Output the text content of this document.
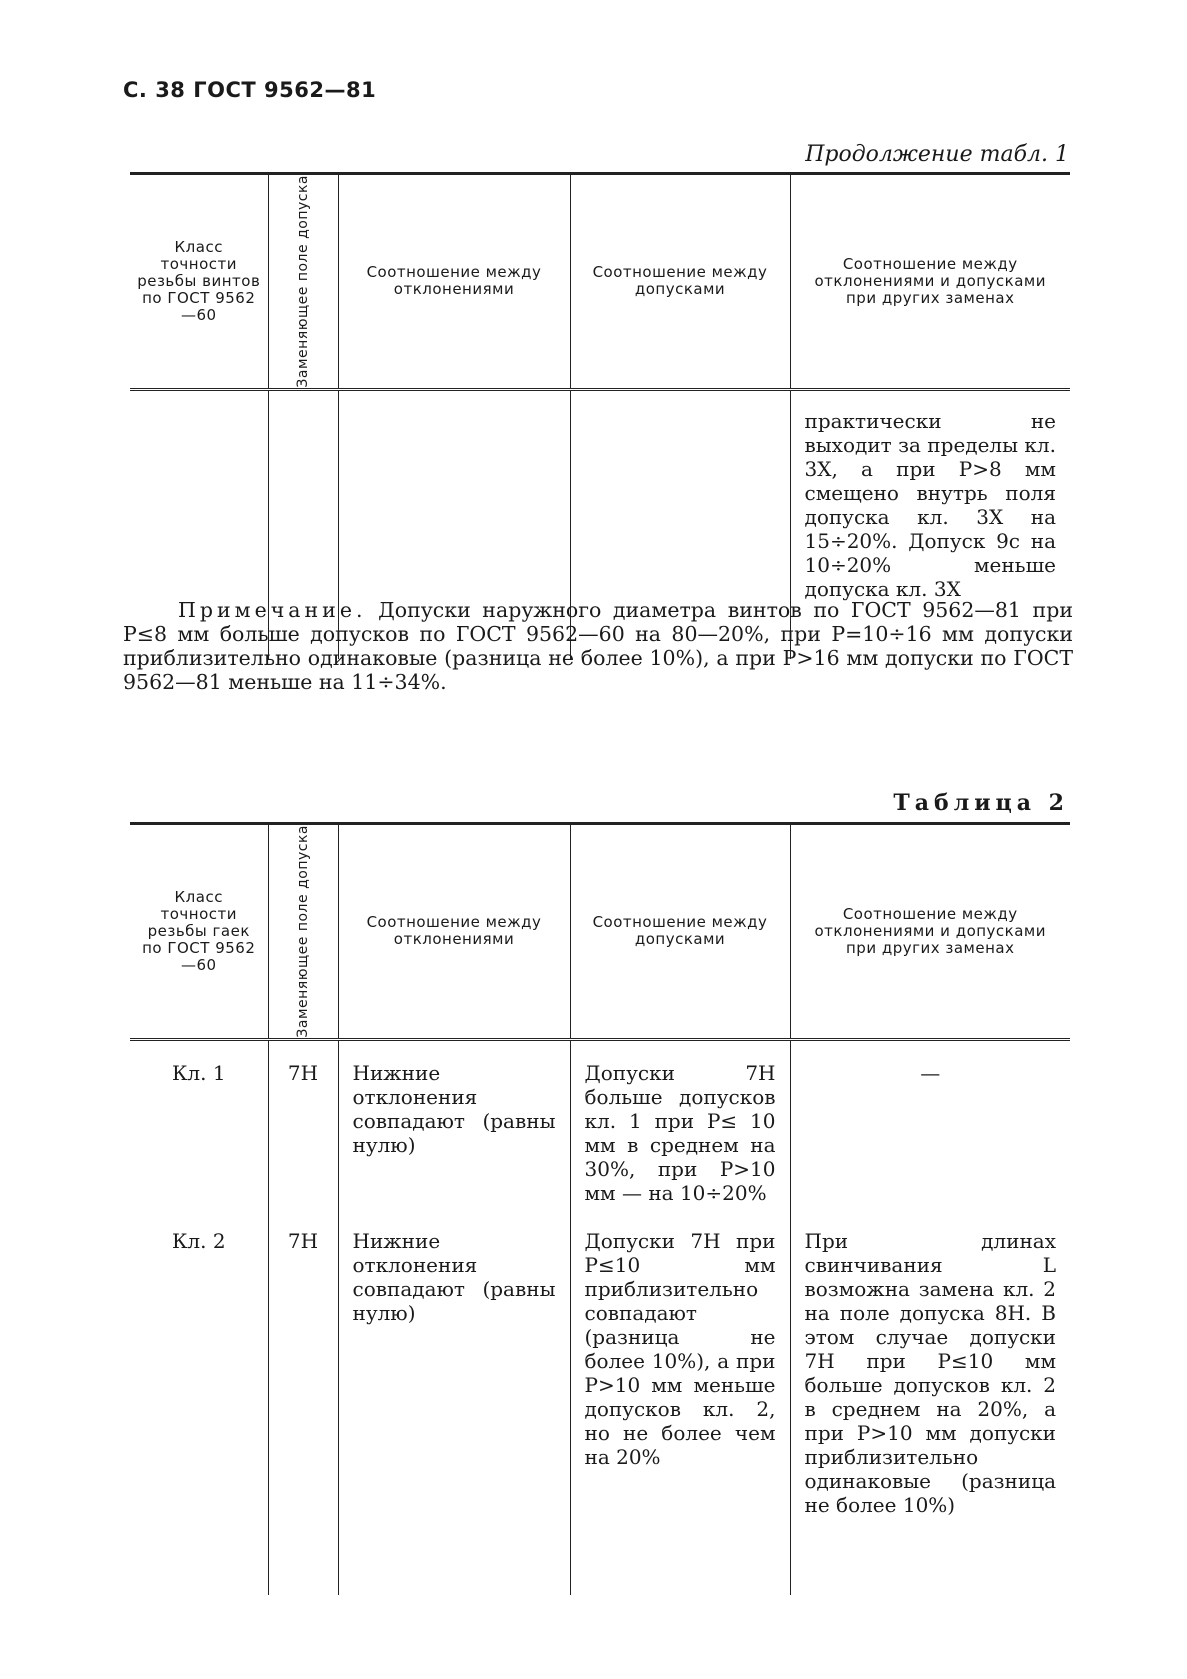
С. 38 ГОСТ 9562—81
Продолжение табл. 1
Класс точности резьбы винтов по ГОСТ 9562—60	Заменяющее поле допуска	Соотношение между отклонениями	Соотношение между допусками	Соотношение между отклонениями и допусками при других заменах
				практически не выходит за пределы кл. 3X, а при P>8 мм смещено внутрь поля допуска кл. 3X на 15÷20%. Допуск 9c на 10÷20% меньше допуска кл. 3X
Примечание. Допуски наружного диаметра винтов по ГОСТ 9562—81 при P≤8 мм больше допусков по ГОСТ 9562—60 на 80—20%, при P=10÷16 мм допуски приблизительно одинаковые (разница не более 10%), а при P>16 мм допуски по ГОСТ 9562—81 меньше на 11÷34%.
Таблица 2
Класс точности резьбы гаек по ГОСТ 9562—60	Заменяющее поле допуска	Соотношение между отклонениями	Соотношение между допусками	Соотношение между отклонениями и допусками при других заменах
Кл. 1	7H	Нижние отклонения совпадают (равны нулю)	Допуски 7H больше допусков кл. 1 при P≤ 10 мм в среднем на 30%, при P>10 мм — на 10÷20%	—
Кл. 2	7H	Нижние отклонения совпадают (равны нулю)	Допуски 7H при P≤10 мм приблизительно совпадают (разница не более 10%), а при P>10 мм меньше допусков кл. 2, но не более чем на 20%	При длинах свинчивания L возможна замена кл. 2 на поле допуска 8H. В этом случае допуски 7H при P≤10 мм больше допусков кл. 2 в среднем на 20%, а при P>10 мм допуски приблизительно одинаковые (разница не более 10%)
